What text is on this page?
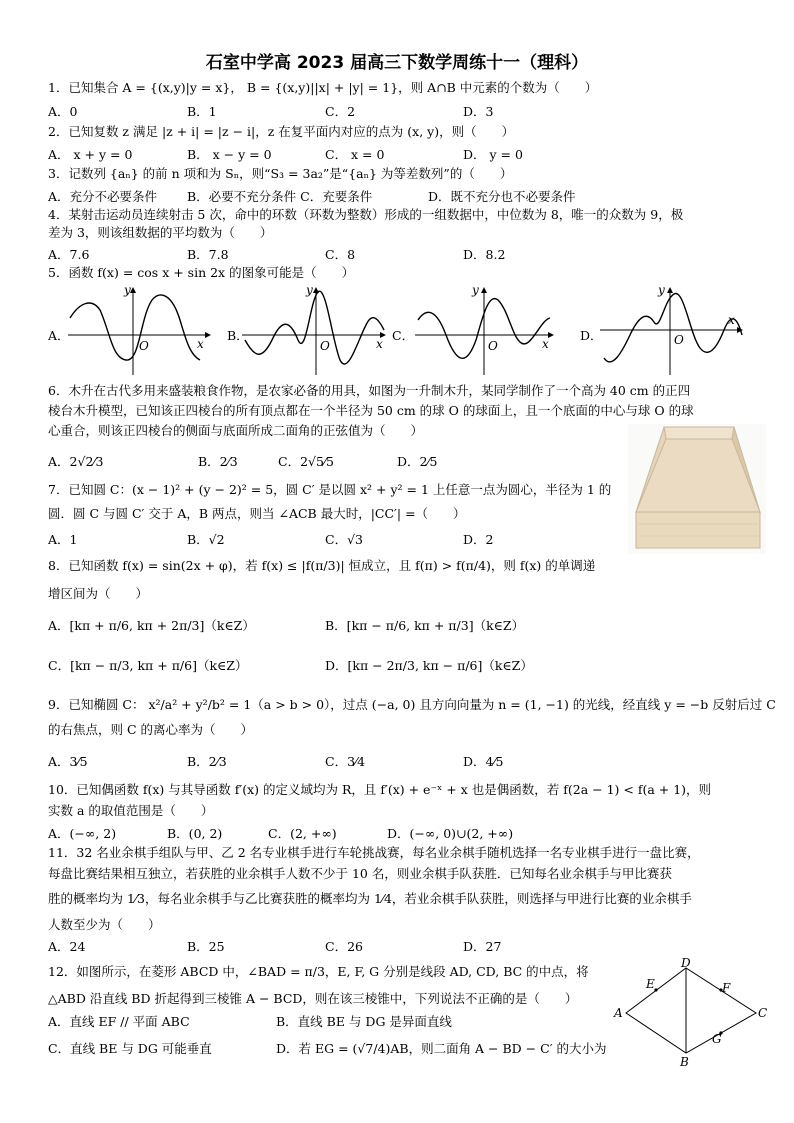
石室中学高 2023 届高三下数学周练十一（理科）
1．已知集合 A = {(x,y)|y = x}， B = {(x,y)||x| + |y| = 1}，则 A∩B 中元素的个数为（　　）
A．0	B．1	C．2	D．3
2．已知复数 z 满足 |z + i| = |z − i|，z 在复平面内对应的点为 (x, y)，则（　　）
A． x + y = 0	B． x − y = 0	C． x = 0	D． y = 0
3．记数列 {aₙ} 的前 n 项和为 Sₙ，则“S₃ = 3a₂”是“{aₙ} 为等差数列”的（　　）
A．充分不必要条件 B．必要不充分条件 C．充要条件	D．既不充分也不必要条件
4．某射击运动员连续射击 5 次，命中的环数（环数为整数）形成的一组数据中，中位数为 8，唯一的众数为 9，极
差为 3，则该组数据的平均数为（　　）
A．7.6	B．7.8	C．8	D．8.2
5．函数 f(x) = cos x + sin 2x 的图象可能是（　　）
A．	B．	C．	D．
y
x
O
y
x
O
y
x
O
y
x
O
6．木升在古代多用来盛装粮食作物，是农家必备的用具，如图为一升制木升，某同学制作了一个高为 40 cm 的正四
棱台木升模型，已知该正四棱台的所有顶点都在一个半径为 50 cm 的球 O 的球面上，且一个底面的中心与球 O 的球
心重合，则该正四棱台的侧面与底面所成二面角的正弦值为（　　）
A．2√2⁄3	B．2⁄3	C．2√5⁄5	D．2⁄5
7．已知圆 C：(x − 1)² + (y − 2)² = 5，圆 C′ 是以圆 x² + y² = 1 上任意一点为圆心，半径为 1 的
圆．圆 C 与圆 C′ 交于 A，B 两点，则当 ∠ACB 最大时，|CC′| =（　　）
A．1	B．√2	C．√3	D．2
8．已知函数 f(x) = sin(2x + φ)，若 f(x) ≤ |f(π/3)| 恒成立，且 f(π) > f(π/4)，则 f(x) 的单调递
增区间为（　　）
A．[kπ + π/6, kπ + 2π/3]（k∈Z）	B．[kπ − π/6, kπ + π/3]（k∈Z）
C．[kπ − π/3, kπ + π/6]（k∈Z）	D．[kπ − 2π/3, kπ − π/6]（k∈Z）
9．已知椭圆 C： x²/a² + y²/b² = 1（a > b > 0），过点 (−a, 0) 且方向向量为 n = (1, −1) 的光线，经直线 y = −b 反射后过 C
的右焦点，则 C 的离心率为（　　）
A．3⁄5	B．2⁄3	C．3⁄4	D．4⁄5
10．已知偶函数 f(x) 与其导函数 f′(x) 的定义域均为 R，且 f′(x) + e⁻ˣ + x 也是偶函数，若 f(2a − 1) < f(a + 1)，则
实数 a 的取值范围是（　　）
A．(−∞, 2)	B．(0, 2)	C．(2, +∞)	D．(−∞, 0)∪(2, +∞)
11．32 名业余棋手组队与甲、乙 2 名专业棋手进行车轮挑战赛，每名业余棋手随机选择一名专业棋手进行一盘比赛，
每盘比赛结果相互独立，若获胜的业余棋手人数不少于 10 名，则业余棋手队获胜．已知每名业余棋手与甲比赛获
胜的概率均为 1⁄3，每名业余棋手与乙比赛获胜的概率均为 1⁄4，若业余棋手队获胜，则选择与甲进行比赛的业余棋手
人数至少为（　　）
A．24	B．25	C．26	D．27
12．如图所示，在菱形 ABCD 中，∠BAD = π/3，E, F, G 分别是线段 AD, CD, BC 的中点，将
△ABD 沿直线 BD 折起得到三棱锥 A − BCD，则在该三棱锥中，下列说法不正确的是（　　）
A．直线 EF // 平面 ABC	B．直线 BE 与 DG 是异面直线
C．直线 BE 与 DG 可能垂直	D．若 EG = (√7/4)AB，则二面角 A − BD − C′ 的大小为
A
B
C
D
E	F
G
